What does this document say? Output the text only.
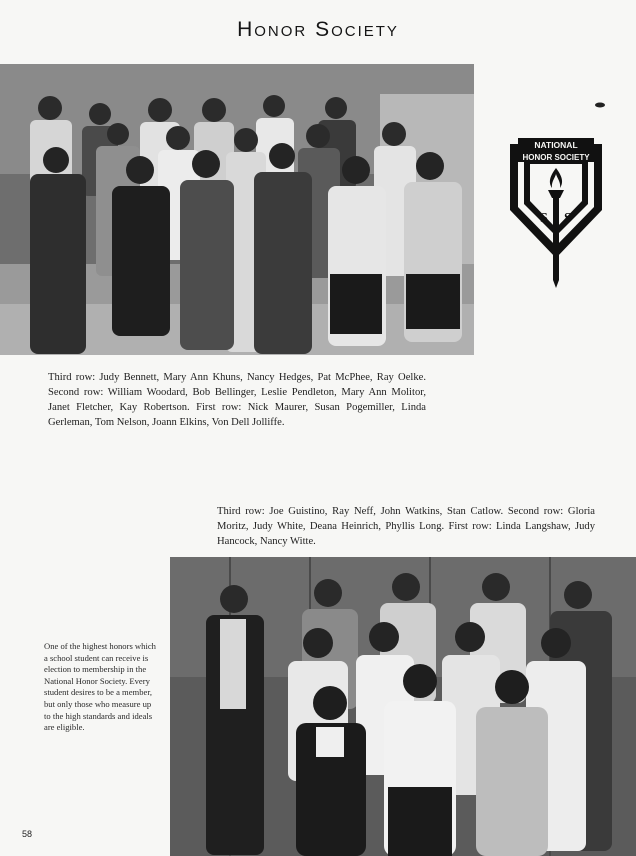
Honor Society
NATIONAL
HONOR SOCIETY
S S
Third row: Judy Bennett, Mary Ann Khuns, Nancy Hedges, Pat McPhee, Ray Oelke. Second row: William Woodard, Bob Bellinger, Leslie Pendleton, Mary Ann Molitor, Janet Fletcher, Kay Robertson. First row: Nick Maurer, Susan Pogemiller, Linda Gerleman, Tom Nelson, Joann Elkins, Von Dell Jolliffe.
Third row: Joe Guistino, Ray Neff, John Watkins, Stan Catlow. Second row: Gloria Moritz, Judy White, Deana Heinrich, Phyllis Long. First row: Linda Langshaw, Judy Hancock, Nancy Witte.
One of the highest honors which a school student can receive is election to membership in the National Honor Society. Every student desires to be a member, but only those who measure up to the high standards and ideals are eligible.
58
